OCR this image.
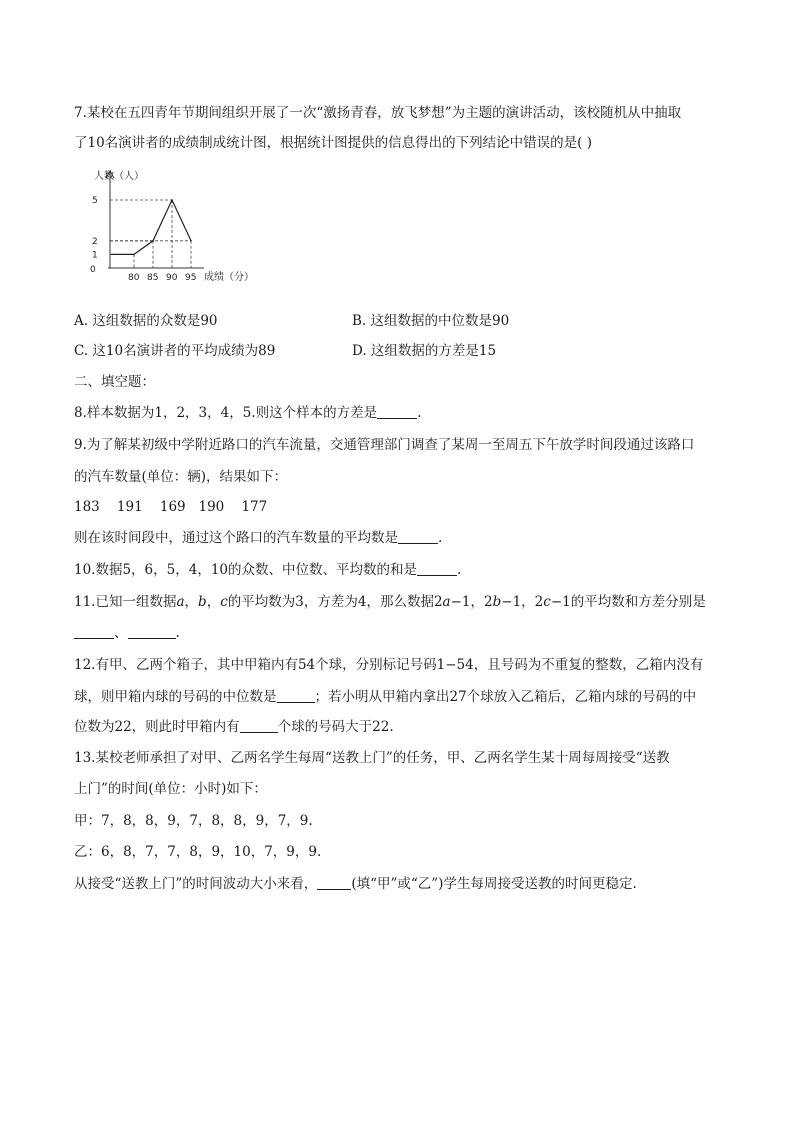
7.某校在五四青年节期间组织开展了一次“激扬青春，放飞梦想”为主题的演讲活动，该校随机从中抽取
了10名演讲者的成绩制成统计图，根据统计图提供的信息得出的下列结论中错误的是( )
80 85 90 95
1
2
5
人数（人）
成绩（分）
0
A. 这组数据的众数是90	B. 这组数据的中位数是90
C. 这10名演讲者的平均成绩为89	D. 这组数据的方差是15
二、填空题：
8.样本数据为1，2，3，4，5.则这个样本的方差是	.
9.为了解某初级中学附近路口的汽车流量，交通管理部门调查了某周一至周五下午放学时间段通过该路口
的汽车数量(单位：辆)，结果如下：
183    191    169   190    177
则在该时间段中，通过这个路口的汽车数量的平均数是	.
10.数据5，6，5，4，10的众数、中位数、平均数的和是	.
11.已知一组数据a，b，c的平均数为3，方差为4，那么数据2a−1，2b−1，2c−1的平均数和方差分别是
、	.
12.有甲、乙两个箱子，其中甲箱内有54个球，分别标记号码1−54，且号码为不重复的整数，乙箱内没有
球，则甲箱内球的号码的中位数是	；若小明从甲箱内拿出27个球放入乙箱后，乙箱内球的号码的中
位数为22，则此时甲箱内有	个球的号码大于22.
13.某校老师承担了对甲、乙两名学生每周“送教上门”的任务，甲、乙两名学生某十周每周接受“送教
上门”的时间(单位：小时)如下：
甲：7，8，8，9，7，8，8，9，7，9.
乙：6，8，7，7，8，9，10，7，9，9.
从接受“送教上门”的时间波动大小来看，	(填“甲”或“乙”)学生每周接受送教的时间更稳定.
